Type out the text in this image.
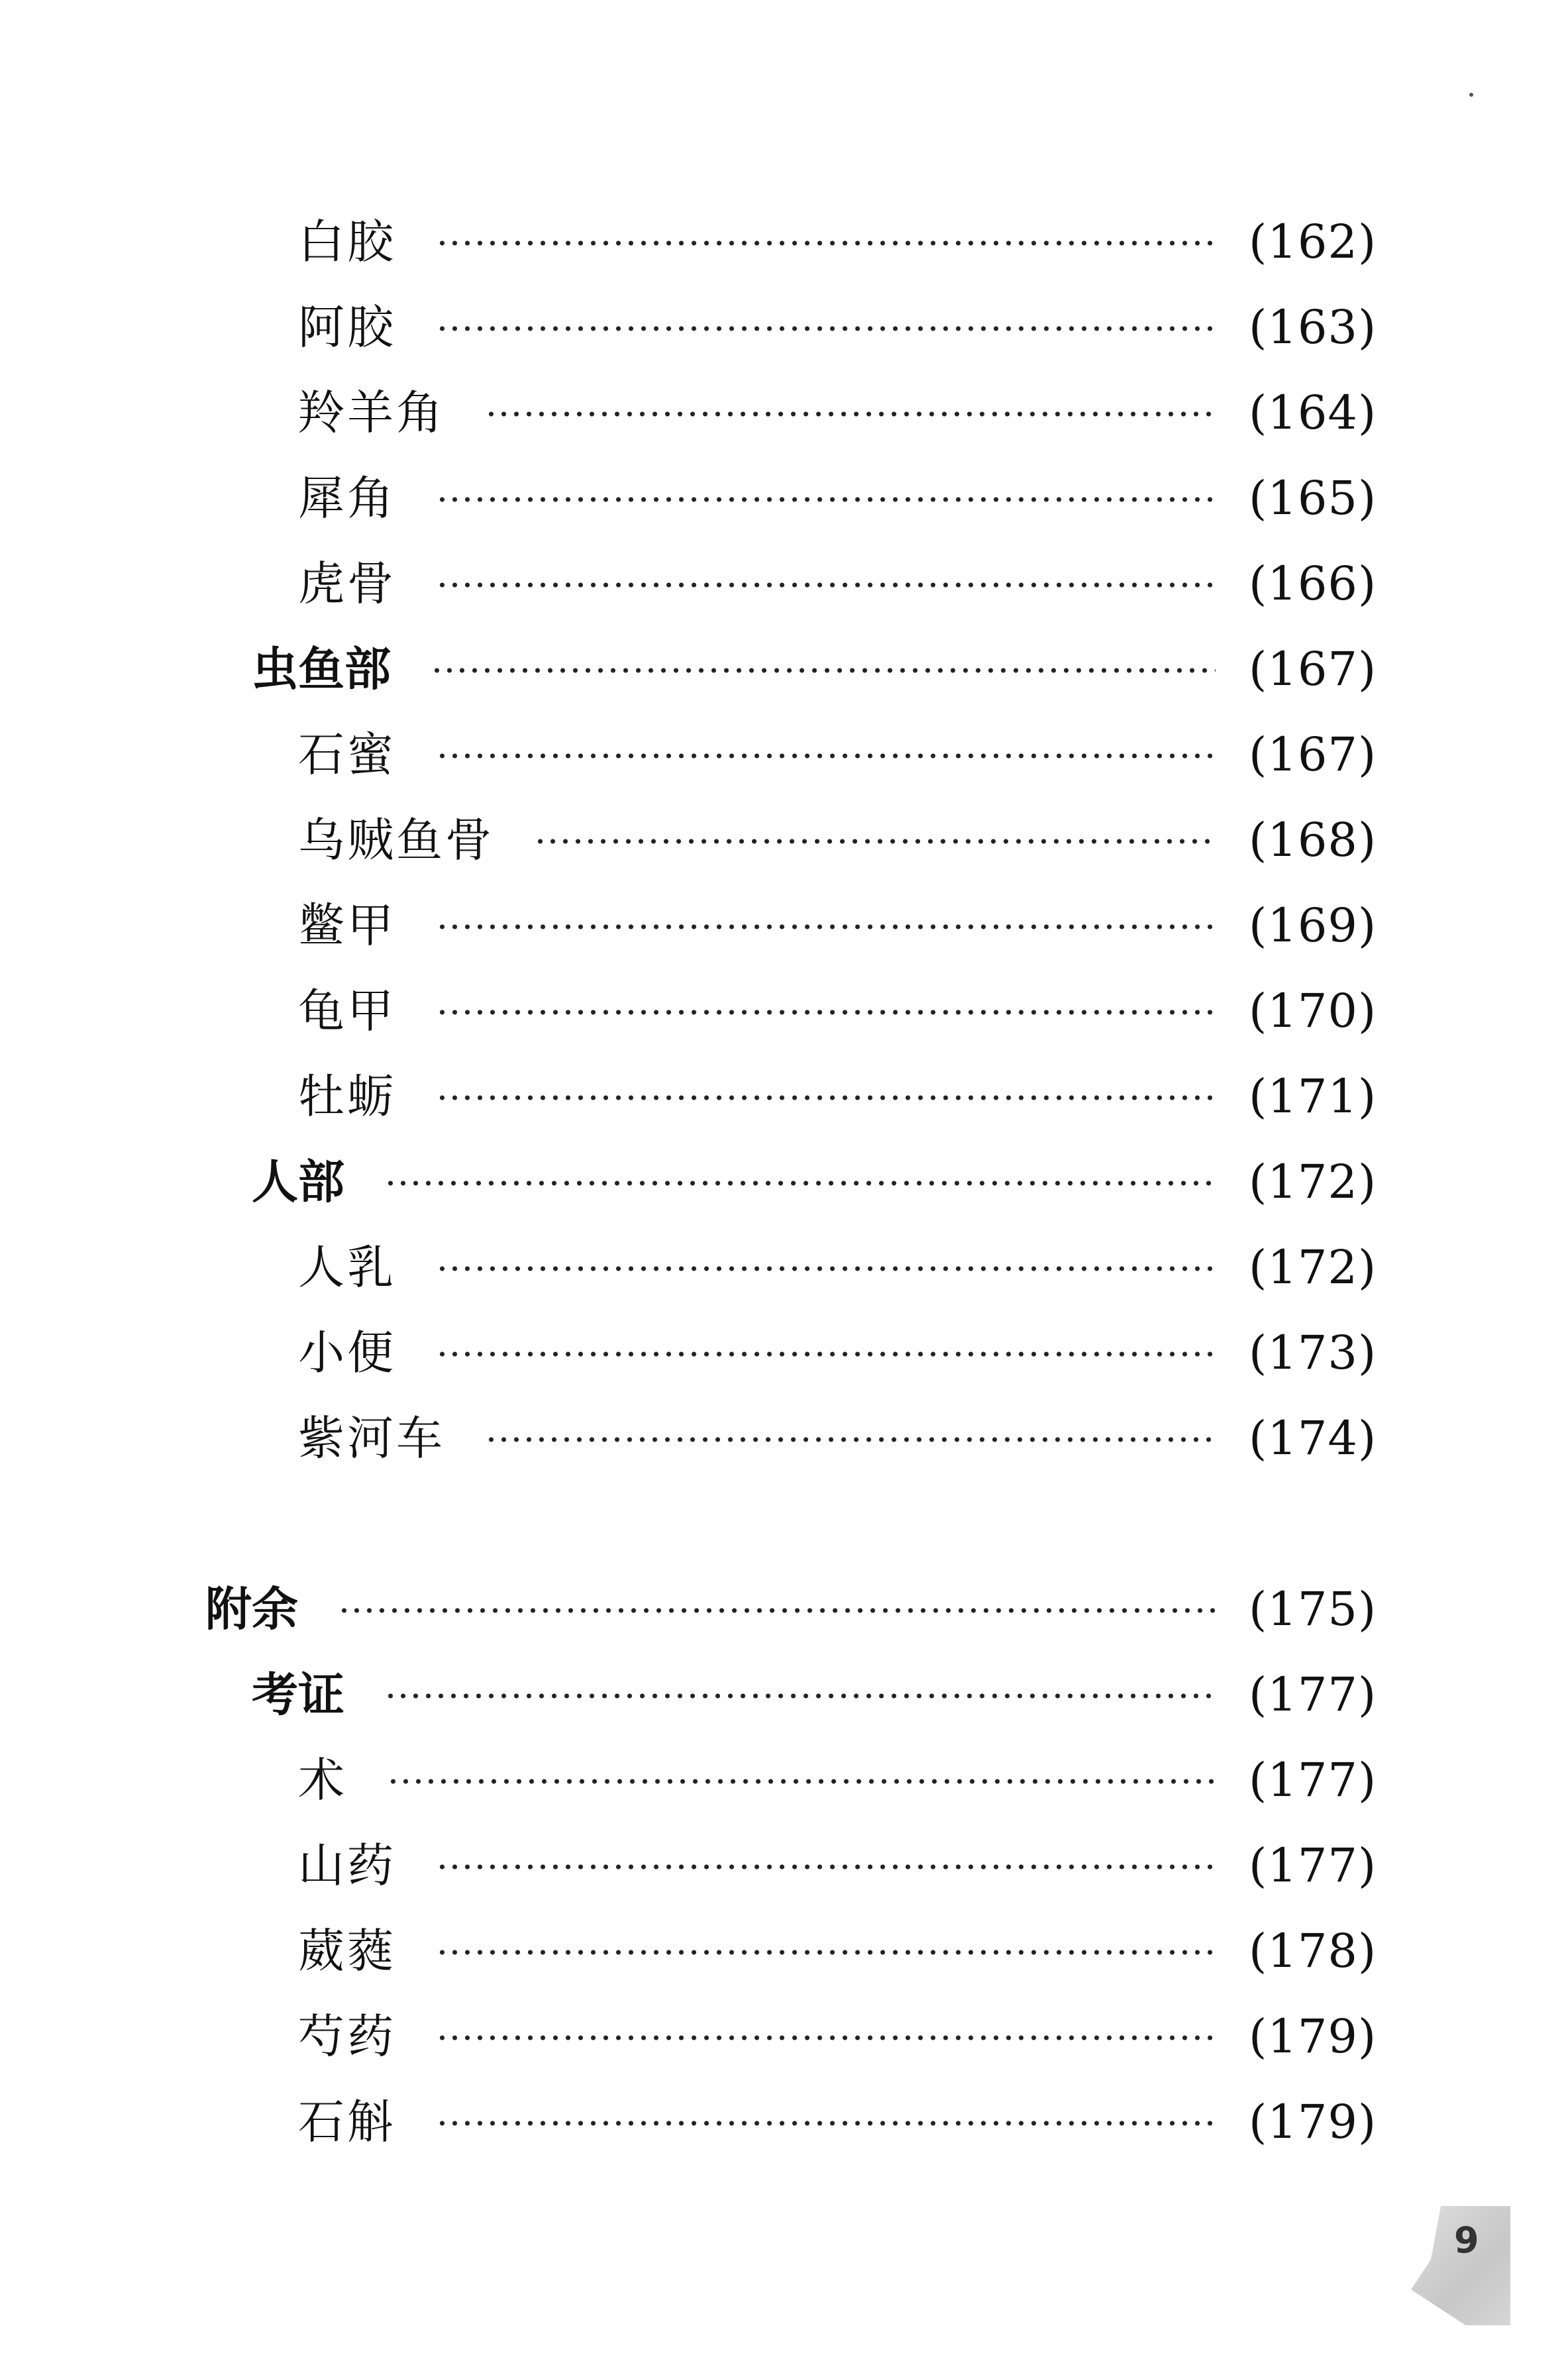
白胶	(162)
阿胶	(163)
羚羊角	(164)
犀角	(165)
虎骨	(166)
虫鱼部	(167)
石蜜	(167)
乌贼鱼骨	(168)
鳖甲	(169)
龟甲	(170)
牡蛎	(171)
人部	(172)
人乳	(172)
小便	(173)
紫河车	(174)
附余	(175)
考证	(177)
术	(177)
山药	(177)
葳蕤	(178)
芍药	(179)
石斛	(179)
9
